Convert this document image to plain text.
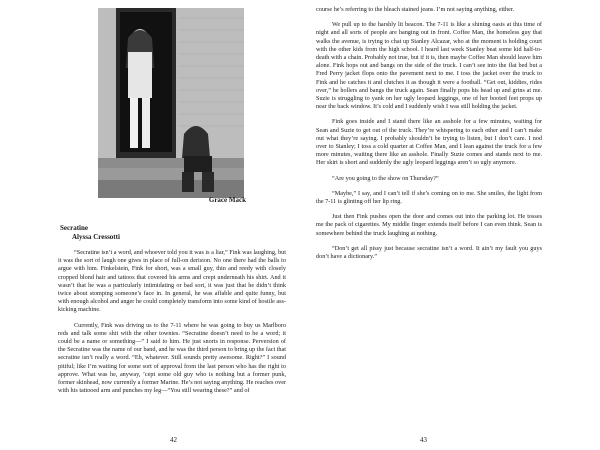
Grace Mack
Secratine
Alyssa Cressotti

“Secratine isn’t a word, and whoever told you it was is a liar,” Fink was laughing, but it was the sort of laugh one gives in place of full-on derision. No one there had the balls to argue with him. Finkelstein, Fink for short, was a small guy, thin and reedy with closely cropped blond hair and tattoos that covered his arms and crept underneath his shirt. And it wasn’t that he was a particularly intimidating or bad sort, it was just that he didn’t think twice about stomping someone’s face in. In general, he was affable and quite funny, but with enough alcohol and anger he could completely transform into some kind of hostile ass-kicking machine.

Currently, Fink was driving us to the 7-11 where he was going to buy us Marlboro reds and talk some shit with the other townies. “Secratine doesn’t need to be a word; it could be a name or something—” I said to him. He just snorts in response. Perversion of the Secratine was the name of our band, and he was the third person to bring up the fact that secratine isn’t really a word. “Eh, whatever. Still sounds pretty awesome. Right?” I sound pitiful; like I’m waiting for some sort of approval from the last person who has the right to approve. What was he, anyway, ’cept some old guy who is nothing but a former punk, former skinhead, now currently a former Marine. He’s not saying anything. He reaches over with his tattooed arm and punches my leg—“You still wearing these?” and of

42

course he’s referring to the bleach stained jeans. I’m not saying anything, either.

We pull up to the harshly lit beacon. The 7-11 is like a shining oasis at this time of night and all sorts of people are hanging out in front. Coffee Man, the homeless guy that walks the avenue, is trying to chat up Stanley Alcazar, who at the moment is holding court with the other kids from the high school. I heard last week Stanley beat some kid half-to-death with a chain. Probably not true, but if it is, then maybe Coffee Man should leave him alone. Fink hops out and bangs on the side of the truck. I can’t see into the flat bed but a Fred Perry jacket flops onto the pavement next to me. I toss the jacket over the truck to Fink and he catches it and clutches it as though it were a football. “Get out, kiddies, rides over,” he hollers and bangs the truck again. Sean finally pops his head up and grins at me. Suzie is struggling to yank on her ugly leopard leggings, one of her booted feet props up near the back window. It’s cold and I suddenly wish I was still holding the jacket.

Fink goes inside and I stand there like an asshole for a few minutes, waiting for Sean and Suzie to get out of the truck. They’re whispering to each other and I can’t make out what they’re saying. I probably shouldn’t be trying to listen, but I don’t care. I nod over to Stanley; I toss a cold quarter at Coffee Man, and I lean against the truck for a few more minutes, waiting there like an asshole. Finally Suzie comes and stands next to me. Her skirt is short and suddenly the ugly leopard leggings aren’t so ugly anymore.

“Are you going to the show on Thursday?”

“Maybe,” I say, and I can’t tell if she’s coming on to me. She smiles, the light from the 7-11 is glinting off her lip ring.

Just then Fink pushes open the door and comes out into the parking lot. He tosses me the pack of cigarettes. My middle finger extends itself before I can even think. Sean is somewhere behind the truck laughing at nothing.

“Don’t get all pissy just because secratine isn’t a word. It ain’t my fault you guys don’t have a dictionary.”

43
